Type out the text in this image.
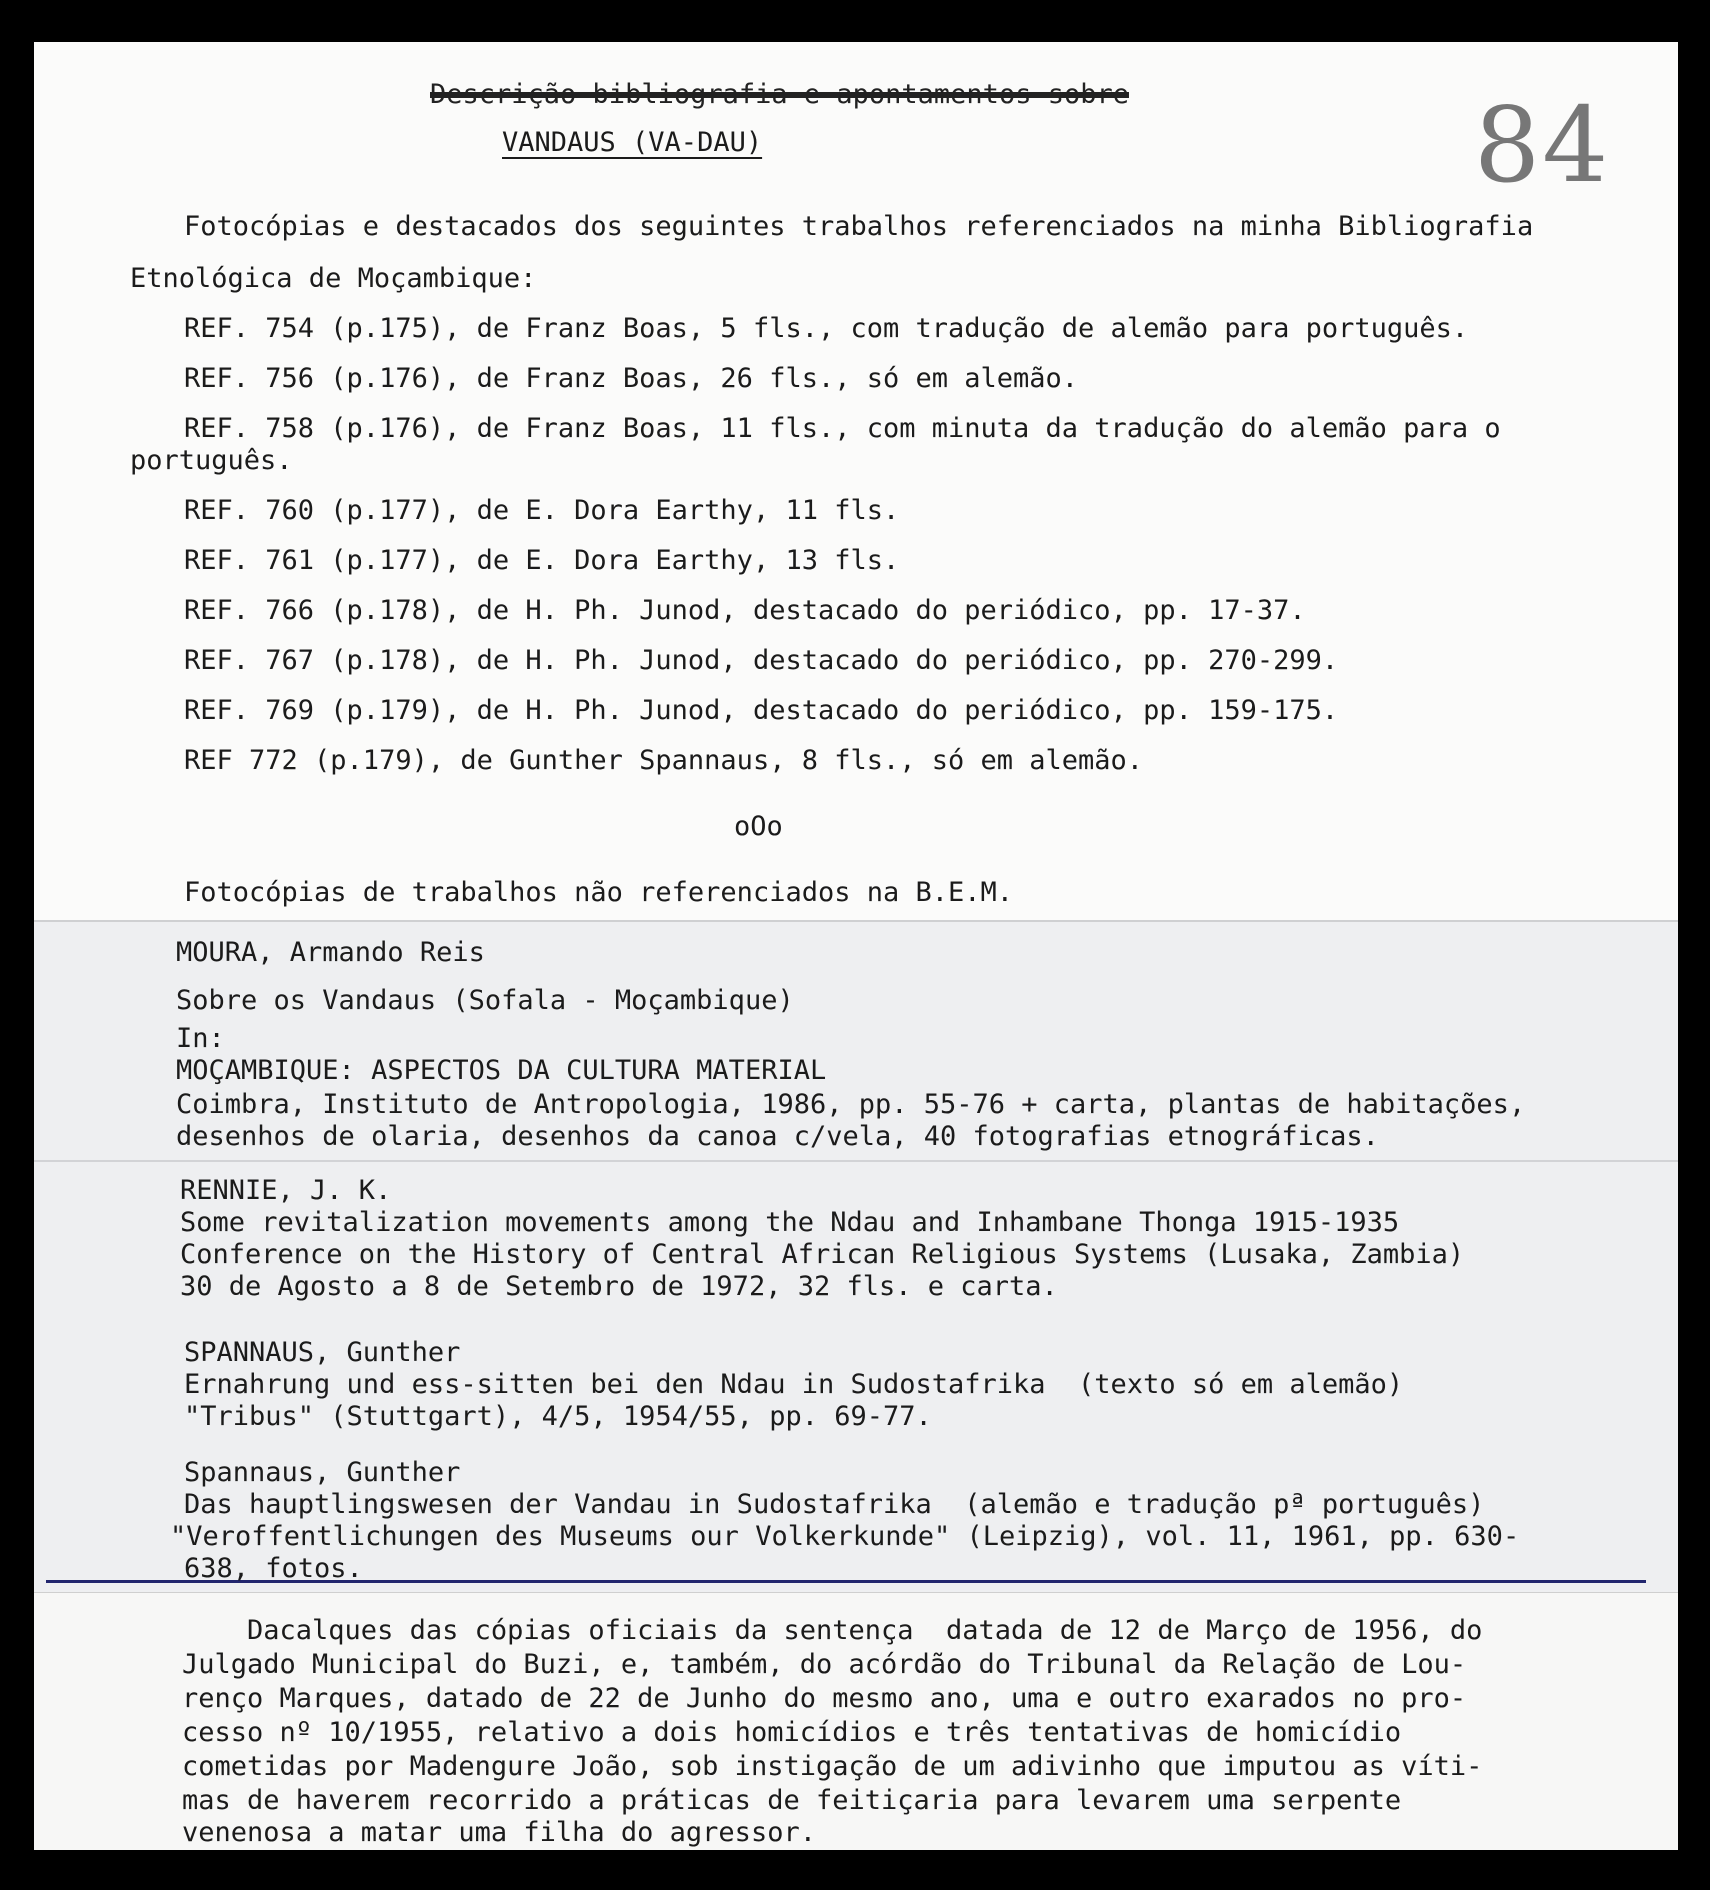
84
Descrição bibliografia e apontamentos sobre
VANDAUS (VA-DAU)
Fotocópias e destacados dos seguintes trabalhos referenciados na minha Bibliografia
Etnológica de Moçambique:
REF. 754 (p.175), de Franz Boas, 5 fls., com tradução de alemão para português.
REF. 756 (p.176), de Franz Boas, 26 fls., só em alemão.
REF. 758 (p.176), de Franz Boas, 11 fls., com minuta da tradução do alemão para o
português.
REF. 760 (p.177), de E. Dora Earthy, 11 fls.
REF. 761 (p.177), de E. Dora Earthy, 13 fls.
REF. 766 (p.178), de H. Ph. Junod, destacado do periódico, pp. 17-37.
REF. 767 (p.178), de H. Ph. Junod, destacado do periódico, pp. 270-299.
REF. 769 (p.179), de H. Ph. Junod, destacado do periódico, pp. 159-175.
REF 772 (p.179), de Gunther Spannaus, 8 fls., só em alemão.
oOo
Fotocópias de trabalhos não referenciados na B.E.M.
MOURA, Armando Reis
Sobre os Vandaus (Sofala - Moçambique)
In:
MOÇAMBIQUE: ASPECTOS DA CULTURA MATERIAL
Coimbra, Instituto de Antropologia, 1986, pp. 55-76 + carta, plantas de habitações,
desenhos de olaria, desenhos da canoa c/vela, 40 fotografias etnográficas.
RENNIE, J. K.
Some revitalization movements among the Ndau and Inhambane Thonga 1915-1935
Conference on the History of Central African Religious Systems (Lusaka, Zambia)
30 de Agosto a 8 de Setembro de 1972, 32 fls. e carta.
SPANNAUS, Gunther
Ernahrung und ess-sitten bei den Ndau in Sudostafrika  (texto só em alemão)
"Tribus" (Stuttgart), 4/5, 1954/55, pp. 69-77.
Spannaus, Gunther
Das hauptlingswesen der Vandau in Sudostafrika  (alemão e tradução pª português)
"Veroffentlichungen des Museums our Volkerkunde" (Leipzig), vol. 11, 1961, pp. 630-
638, fotos.
Dacalques das cópias oficiais da sentença  datada de 12 de Março de 1956, do
Julgado Municipal do Buzi, e, também, do acórdão do Tribunal da Relação de Lou-
renço Marques, datado de 22 de Junho do mesmo ano, uma e outro exarados no pro-
cesso nº 10/1955, relativo a dois homicídios e três tentativas de homicídio
cometidas por Madengure João, sob instigação de um adivinho que imputou as víti-
mas de haverem recorrido a práticas de feitiçaria para levarem uma serpente
venenosa a matar uma filha do agressor.
